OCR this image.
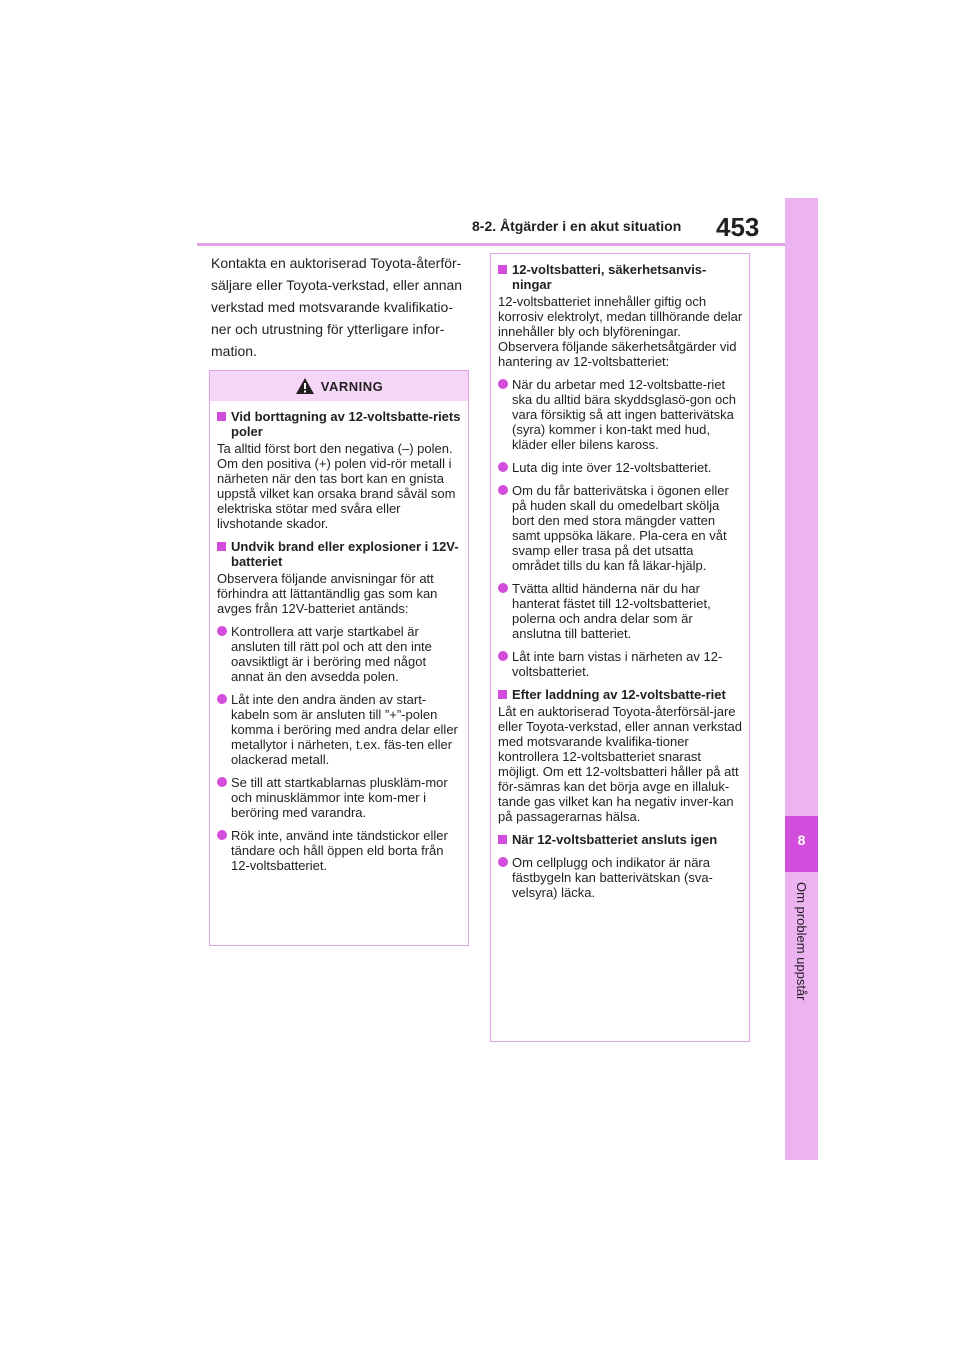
8
Om problem uppstår
8-2. Åtgärder i en akut situation 453
Kontakta en auktoriserad Toyota-återför-säljare eller Toyota-verkstad, eller annan verkstad med motsvarande kvalifikatio-ner och utrustning för ytterligare infor-mation.
VARNING
Vid borttagning av 12-voltsbatte-riets poler
Ta alltid först bort den negativa (–) polen. Om den positiva (+) polen vid-rör metall i närheten när den tas bort kan en gnista uppstå vilket kan orsaka brand såväl som elektriska stötar med svåra eller livshotande skador.
Undvik brand eller explosioner i 12V-batteriet
Observera följande anvisningar för att förhindra att lättantändlig gas som kan avges från 12V-batteriet antänds:
Kontrollera att varje startkabel är ansluten till rätt pol och att den inte oavsiktligt är i beröring med något annat än den avsedda polen.
Låt inte den andra änden av start-kabeln som är ansluten till ”+”-polen komma i beröring med andra delar eller metallytor i närheten, t.ex. fäs-ten eller olackerad metall.
Se till att startkablarnas pluskläm-mor och minusklämmor inte kom-mer i beröring med varandra.
Rök inte, använd inte tändstickor eller tändare och håll öppen eld borta från 12-voltsbatteriet.
12-voltsbatteri, säkerhetsanvis-ningar
12-voltsbatteriet innehåller giftig och korrosiv elektrolyt, medan tillhörande delar innehåller bly och blyföreningar. Observera följande säkerhetsåtgärder vid hantering av 12-voltsbatteriet:
När du arbetar med 12-voltsbatte-riet ska du alltid bära skyddsglasö-gon och vara försiktig så att ingen batterivätska (syra) kommer i kon-takt med hud, kläder eller bilens kaross.
Luta dig inte över 12-voltsbatteriet.
Om du får batterivätska i ögonen eller på huden skall du omedelbart skölja bort den med stora mängder vatten samt uppsöka läkare. Pla-cera en våt svamp eller trasa på det utsatta området tills du kan få läkar-hjälp.
Tvätta alltid händerna när du har hanterat fästet till 12-voltsbatteriet, polerna och andra delar som är anslutna till batteriet.
Låt inte barn vistas i närheten av 12-voltsbatteriet.
Efter laddning av 12-voltsbatte-riet
Låt en auktoriserad Toyota-återförsäl-jare eller Toyota-verkstad, eller annan verkstad med motsvarande kvalifika-tioner kontrollera 12-voltsbatteriet snarast möjligt. Om ett 12-voltsbatteri håller på att för-sämras kan det börja avge en illaluk-tande gas vilket kan ha negativ inver-kan på passagerarnas hälsa.
När 12-voltsbatteriet ansluts igen
Om cellplugg och indikator är nära fästbygeln kan batterivätskan (sva-velsyra) läcka.
